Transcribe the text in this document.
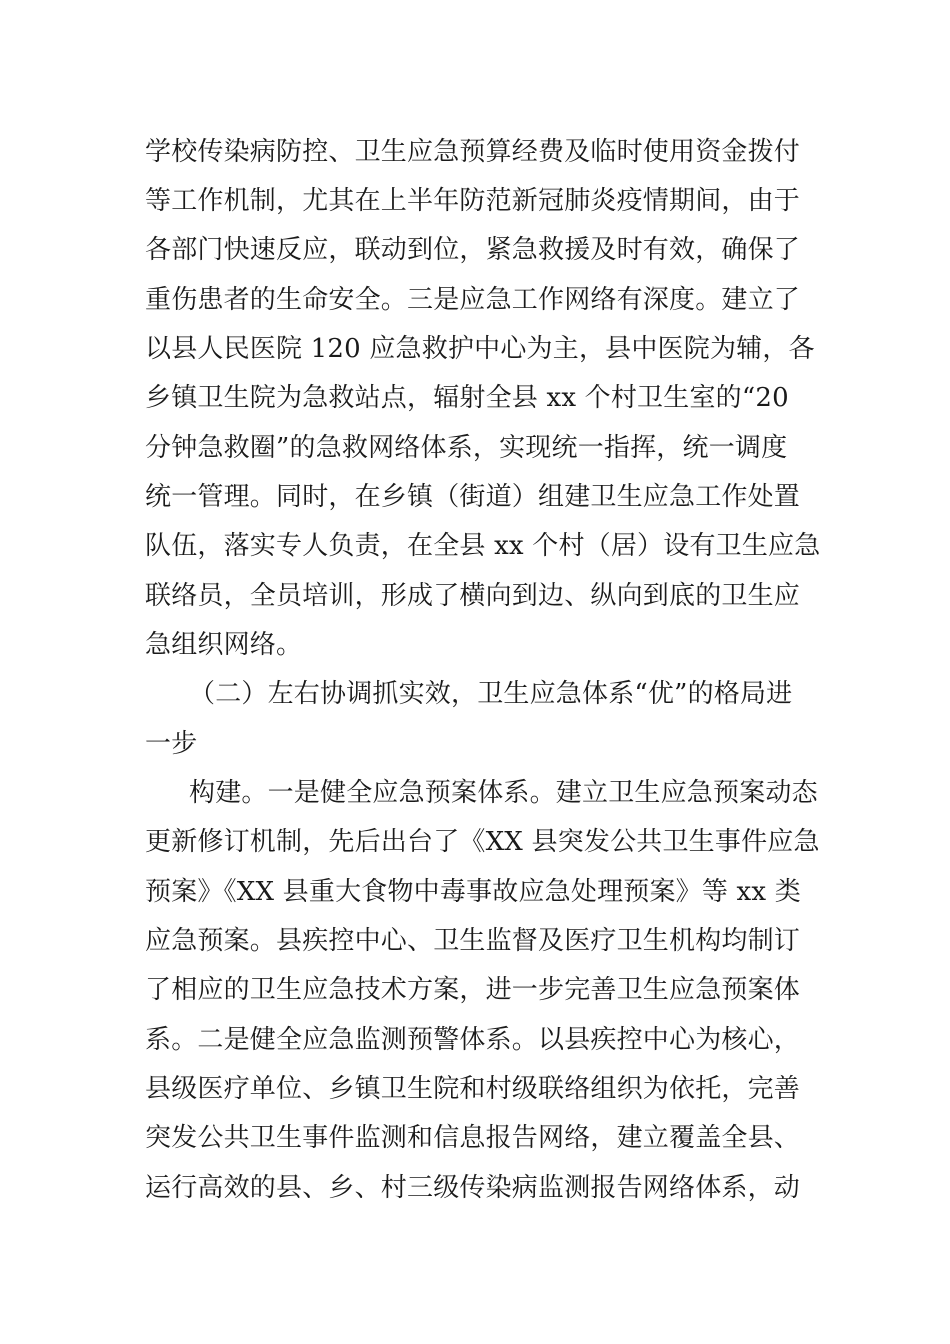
学校传染病防控、卫生应急预算经费及临时使用资金拨付
等工作机制，尤其在上半年防范新冠肺炎疫情期间，由于
各部门快速反应，联动到位，紧急救援及时有效，确保了
重伤患者的生命安全。三是应急工作网络有深度。建立了
以县人民医院 120 应急救护中心为主，县中医院为辅，各
乡镇卫生院为急救站点，辐射全县 xx 个村卫生室的“20
分钟急救圈”的急救网络体系，实现统一指挥，统一调度
统一管理。同时，在乡镇（街道）组建卫生应急工作处置
队伍，落实专人负责，在全县 xx 个村（居）设有卫生应急
联络员，全员培训，形成了横向到边、纵向到底的卫生应
急组织网络。
（二）左右协调抓实效，卫生应急体系“优”的格局进
一步
构建。一是健全应急预案体系。建立卫生应急预案动态
更新修订机制，先后出台了《XX 县突发公共卫生事件应急
预案》《XX 县重大食物中毒事故应急处理预案》等 xx 类
应急预案。县疾控中心、卫生监督及医疗卫生机构均制订
了相应的卫生应急技术方案，进一步完善卫生应急预案体
系。二是健全应急监测预警体系。以县疾控中心为核心，
县级医疗单位、乡镇卫生院和村级联络组织为依托，完善
突发公共卫生事件监测和信息报告网络，建立覆盖全县、
运行高效的县、乡、村三级传染病监测报告网络体系，动
